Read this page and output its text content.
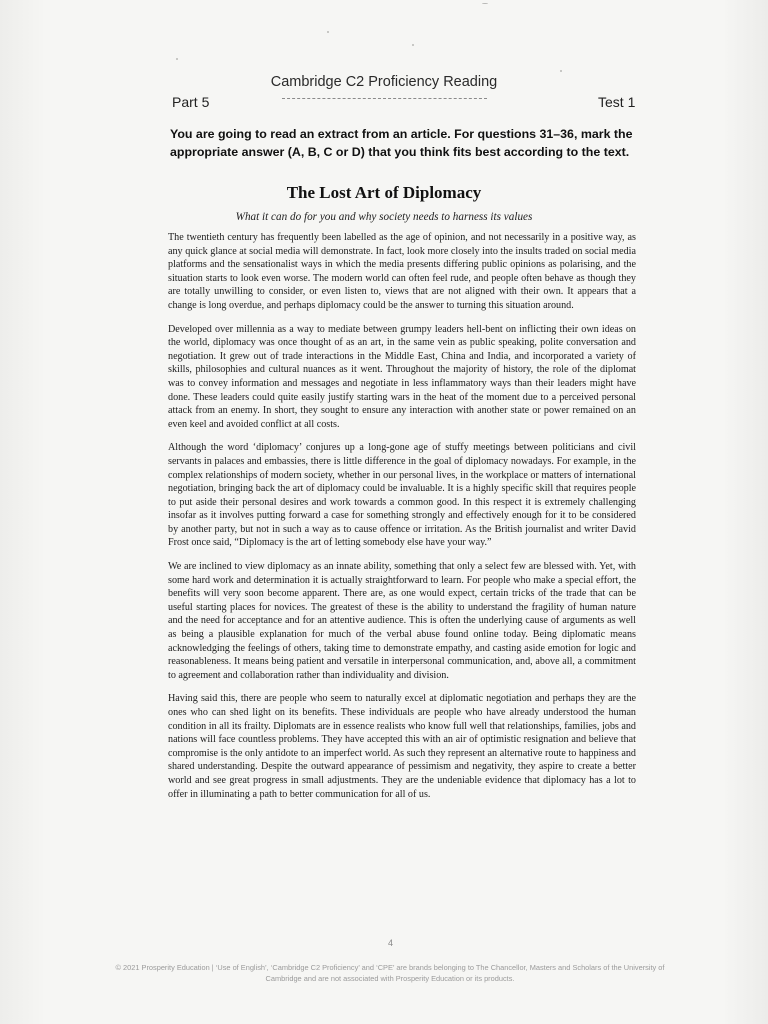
Cambridge C2 Proficiency Reading
Part 5	Test 1
You are going to read an extract from an article. For questions 31–36, mark the appropriate answer (A, B, C or D) that you think fits best according to the text.
The Lost Art of Diplomacy
What it can do for you and why society needs to harness its values

The twentieth century has frequently been labelled as the age of opinion, and not necessarily in a positive way, as any quick glance at social media will demonstrate. In fact, look more closely into the insults traded on social media platforms and the sensationalist ways in which the media presents differing public opinions as polarising, and the situation starts to look even worse. The modern world can often feel rude, and people often behave as though they are totally unwilling to consider, or even listen to, views that are not aligned with their own. It appears that a change is long overdue, and perhaps diplomacy could be the answer to turning this situation around.

Developed over millennia as a way to mediate between grumpy leaders hell-bent on inflicting their own ideas on the world, diplomacy was once thought of as an art, in the same vein as public speaking, polite conversation and negotiation. It grew out of trade interactions in the Middle East, China and India, and incorporated a variety of skills, philosophies and cultural nuances as it went. Throughout the majority of history, the role of the diplomat was to convey information and messages and negotiate in less inflammatory ways than their leaders might have done. These leaders could quite easily justify starting wars in the heat of the moment due to a perceived personal attack from an enemy. In short, they sought to ensure any interaction with another state or power remained on an even keel and avoided conflict at all costs.

Although the word ‘diplomacy’ conjures up a long-gone age of stuffy meetings between politicians and civil servants in palaces and embassies, there is little difference in the goal of diplomacy nowadays. For example, in the complex relationships of modern society, whether in our personal lives, in the workplace or matters of international negotiation, bringing back the art of diplomacy could be invaluable. It is a highly specific skill that requires people to put aside their personal desires and work towards a common good. In this respect it is extremely challenging insofar as it involves putting forward a case for something strongly and effectively enough for it to be considered by another party, but not in such a way as to cause offence or irritation. As the British journalist and writer David Frost once said, “Diplomacy is the art of letting somebody else have your way.”

We are inclined to view diplomacy as an innate ability, something that only a select few are blessed with. Yet, with some hard work and determination it is actually straightforward to learn. For people who make a special effort, the benefits will very soon become apparent. There are, as one would expect, certain tricks of the trade that can be useful starting places for novices. The greatest of these is the ability to understand the fragility of human nature and the need for acceptance and for an attentive audience. This is often the underlying cause of arguments as well as being a plausible explanation for much of the verbal abuse found online today. Being diplomatic means acknowledging the feelings of others, taking time to demonstrate empathy, and casting aside emotion for logic and reasonableness. It means being patient and versatile in interpersonal communication, and, above all, a commitment to agreement and collaboration rather than individuality and division.

Having said this, there are people who seem to naturally excel at diplomatic negotiation and perhaps they are the ones who can shed light on its benefits. These individuals are people who have already understood the human condition in all its frailty. Diplomats are in essence realists who know full well that relationships, families, jobs and nations will face countless problems. They have accepted this with an air of optimistic resignation and believe that compromise is the only antidote to an imperfect world. As such they represent an alternative route to happiness and shared understanding. Despite the outward appearance of pessimism and negativity, they aspire to create a better world and see great progress in small adjustments. They are the undeniable evidence that diplomacy has a lot to offer in illuminating a path to better communication for all of us.

4
© 2021 Prosperity Education | ‘Use of English’, ‘Cambridge C2 Proficiency’ and ‘CPE’ are brands belonging to The Chancellor, Masters and Scholars of the University of Cambridge and are not associated with Prosperity Education or its products.
